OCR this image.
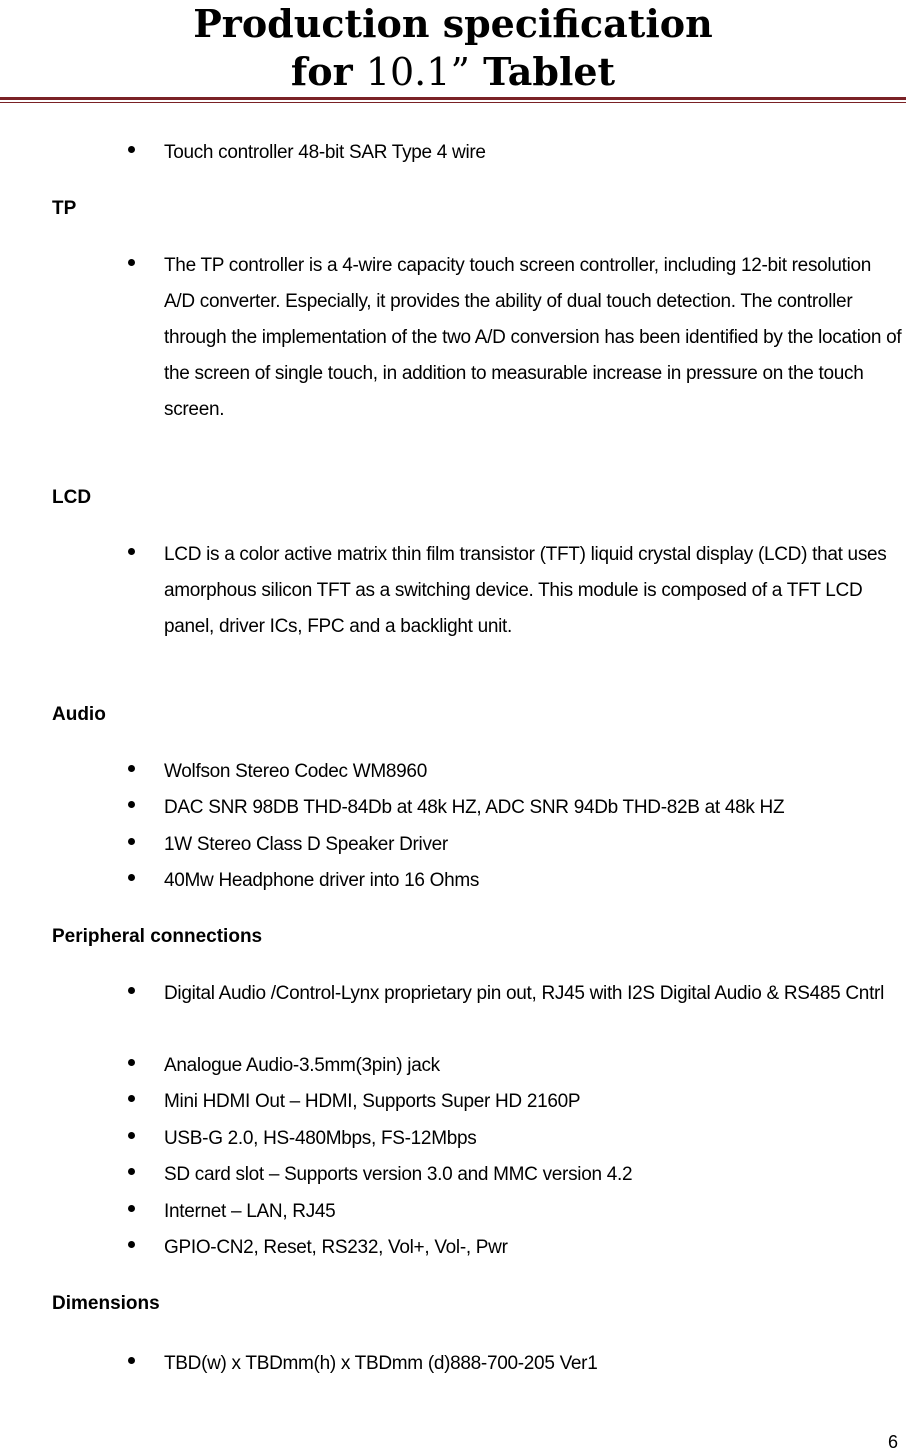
Production specification
for 10.1” Tablet
Touch controller 48-bit SAR Type 4 wire
TP
The TP controller is a 4-wire capacity touch screen controller, including 12-bit resolution A/D converter. Especially, it provides the ability of dual touch detection. The controller through the implementation of the two A/D conversion has been identified by the location of the screen of single touch, in addition to measurable increase in pressure on the touch screen.
LCD
LCD is a color active matrix thin film transistor (TFT) liquid crystal display (LCD) that uses amorphous silicon TFT as a switching device. This module is composed of a TFT LCD panel, driver ICs, FPC and a backlight unit.
Audio
Wolfson Stereo Codec WM8960
DAC SNR 98DB THD-84Db at 48k HZ, ADC SNR 94Db THD-82B at 48k HZ
1W Stereo Class D Speaker Driver
40Mw Headphone driver into 16 Ohms
Peripheral connections
Digital Audio /Control-Lynx proprietary pin out, RJ45 with I2S Digital Audio & RS485 Cntrl
Analogue Audio-3.5mm(3pin) jack
Mini HDMI Out – HDMI, Supports Super HD 2160P
USB-G 2.0, HS-480Mbps, FS-12Mbps
SD card slot – Supports version 3.0 and MMC version 4.2
Internet – LAN, RJ45
GPIO-CN2, Reset, RS232, Vol+, Vol-, Pwr
Dimensions
TBD(w) x TBDmm(h) x TBDmm (d)888-700-205 Ver1
6
